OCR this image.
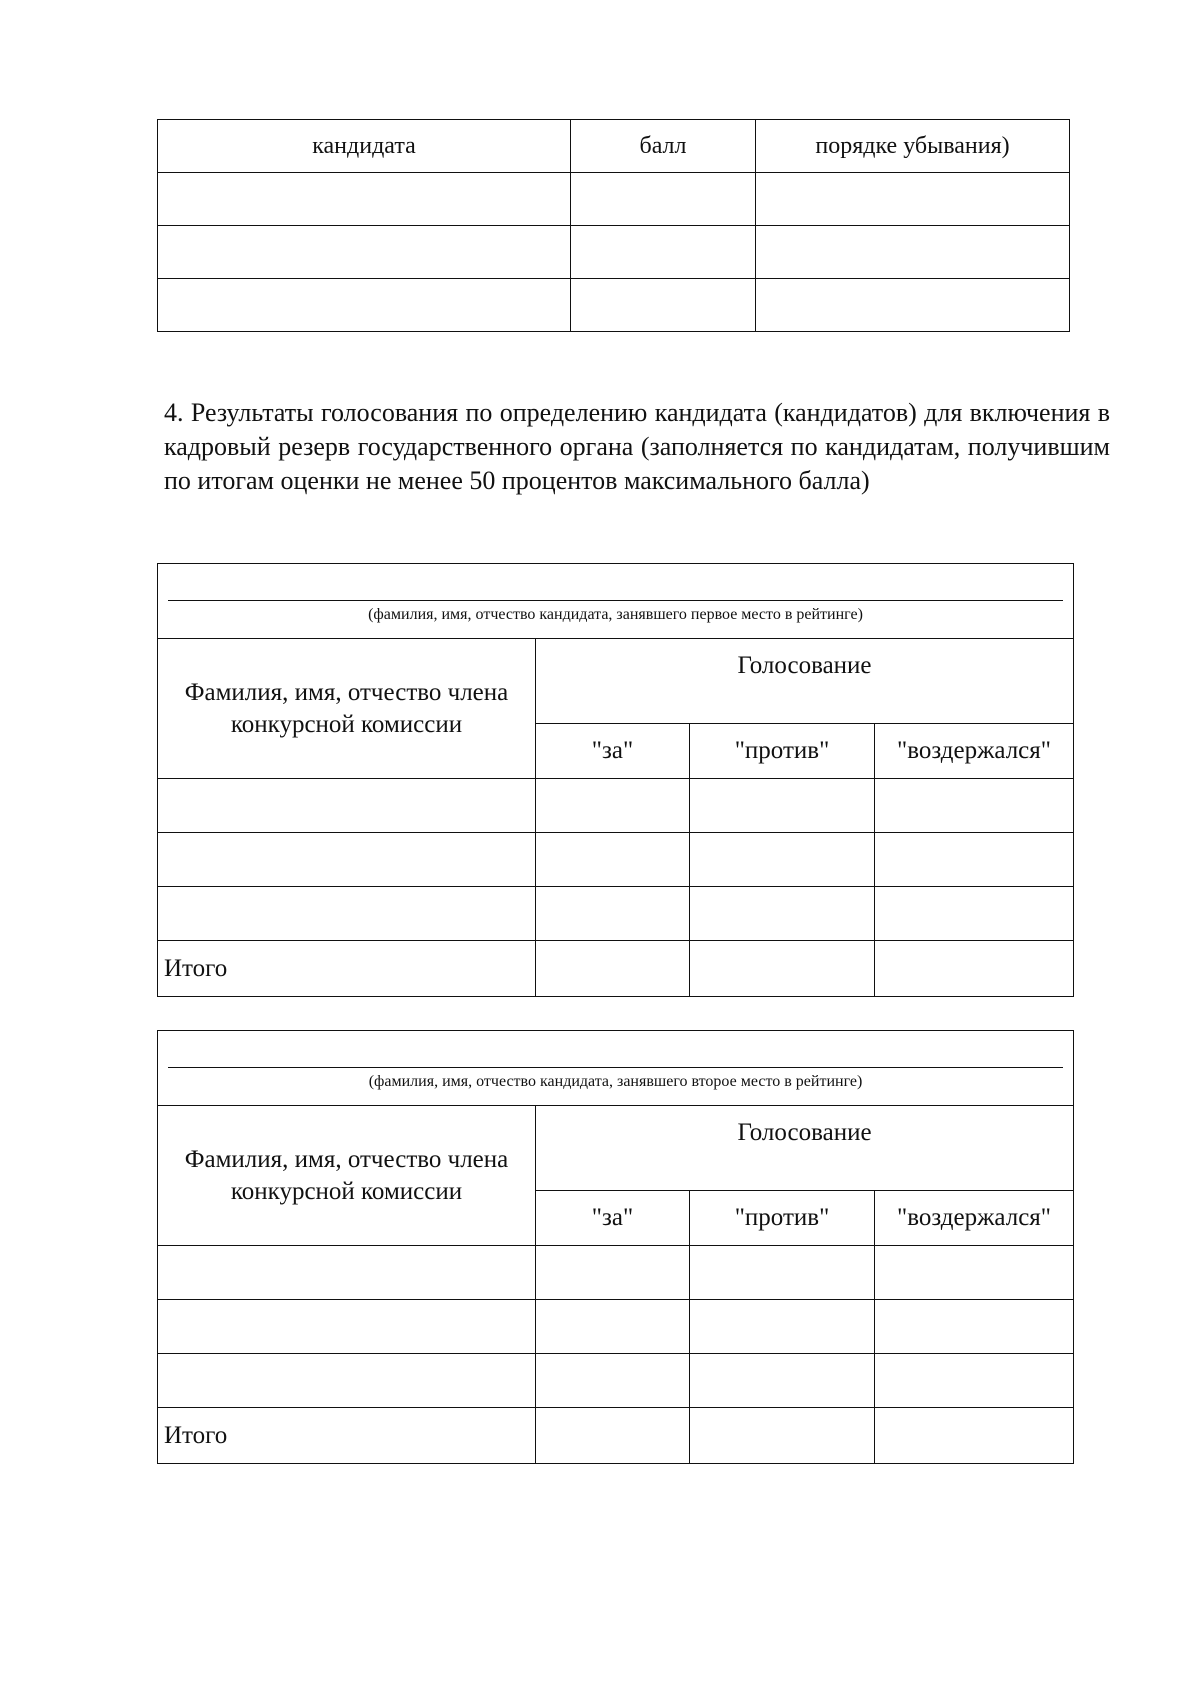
кандидата	балл	порядке убывания)

4. Результаты голосования по определению кандидата (кандидатов) для включения в кадровый резерв государственного органа (заполняется по кандидатам, получившим по итогам оценки не менее 50 процентов максимального балла)

(фамилия, имя, отчество кандидата, занявшего первое место в рейтинге)			

Фамилия, имя, отчество члена конкурсной комиссии	Голосование		

	"за"	"против"	"воздержался"

Итого			
(фамилия, имя, отчество кандидата, занявшего второе место в рейтинге)			

Фамилия, имя, отчество члена конкурсной комиссии	Голосование		

	"за"	"против"	"воздержался"

Итого			
